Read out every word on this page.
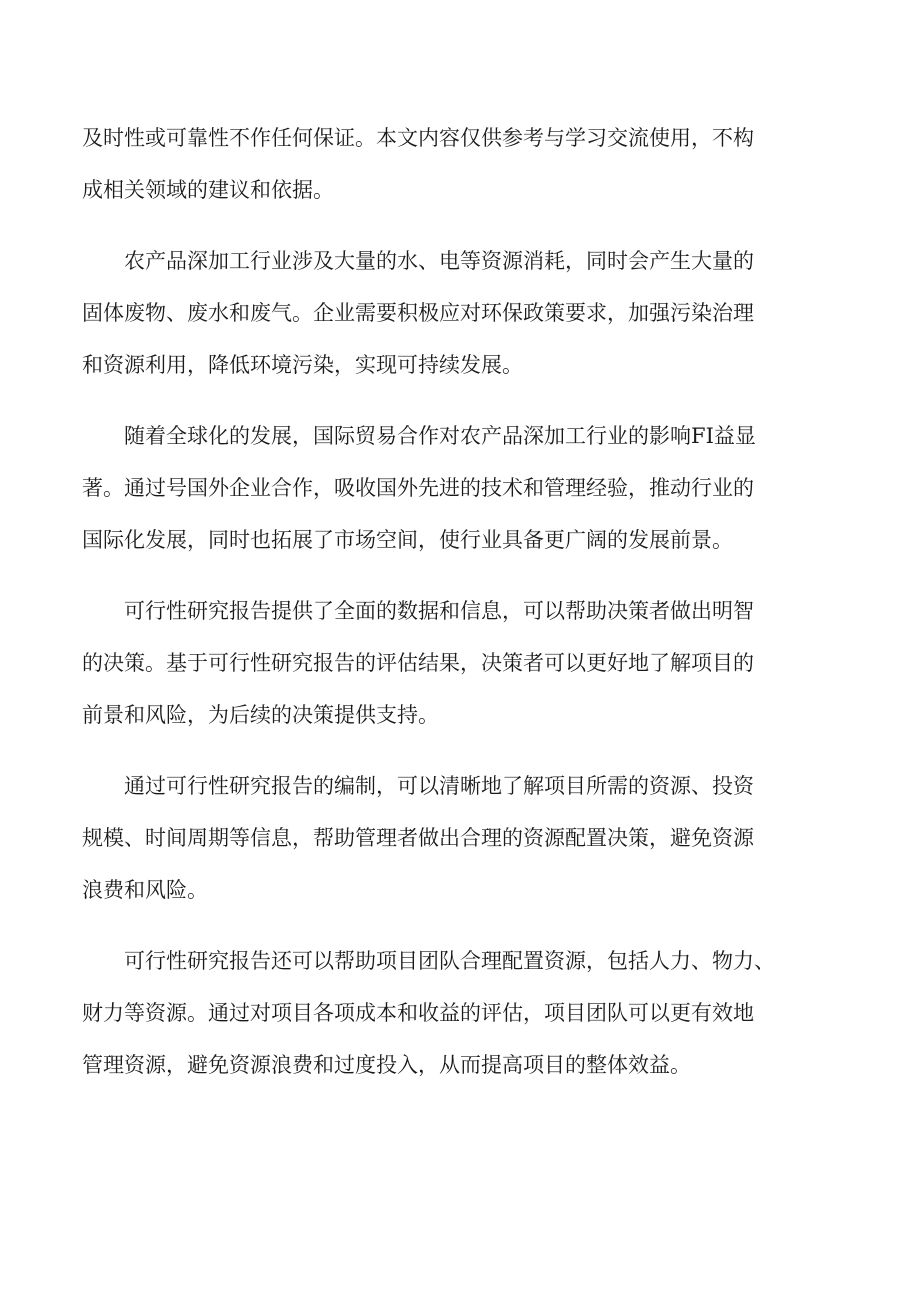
及时性或可靠性不作任何保证。本文内容仅供参考与学习交流使用，不构
成相关领域的建议和依据。

农产品深加工行业涉及大量的水、电等资源消耗，同时会产生大量的
固体废物、废水和废气。企业需要积极应对环保政策要求，加强污染治理
和资源利用，降低环境污染，实现可持续发展。

随着全球化的发展，国际贸易合作对农产品深加工行业的影响FI益显
著。通过号国外企业合作，吸收国外先进的技术和管理经验，推动行业的
国际化发展，同时也拓展了市场空间，使行业具备更广阔的发展前景。

可行性研究报告提供了全面的数据和信息，可以帮助决策者做出明智
的决策。基于可行性研究报告的评估结果，决策者可以更好地了解项目的
前景和风险，为后续的决策提供支持。

通过可行性研究报告的编制，可以清晰地了解项目所需的资源、投资
规模、时间周期等信息，帮助管理者做出合理的资源配置决策，避免资源
浪费和风险。

可行性研究报告还可以帮助项目团队合理配置资源，包括人力、物力、
财力等资源。通过对项目各项成本和收益的评估，项目团队可以更有效地
管理资源，避免资源浪费和过度投入，从而提高项目的整体效益。
